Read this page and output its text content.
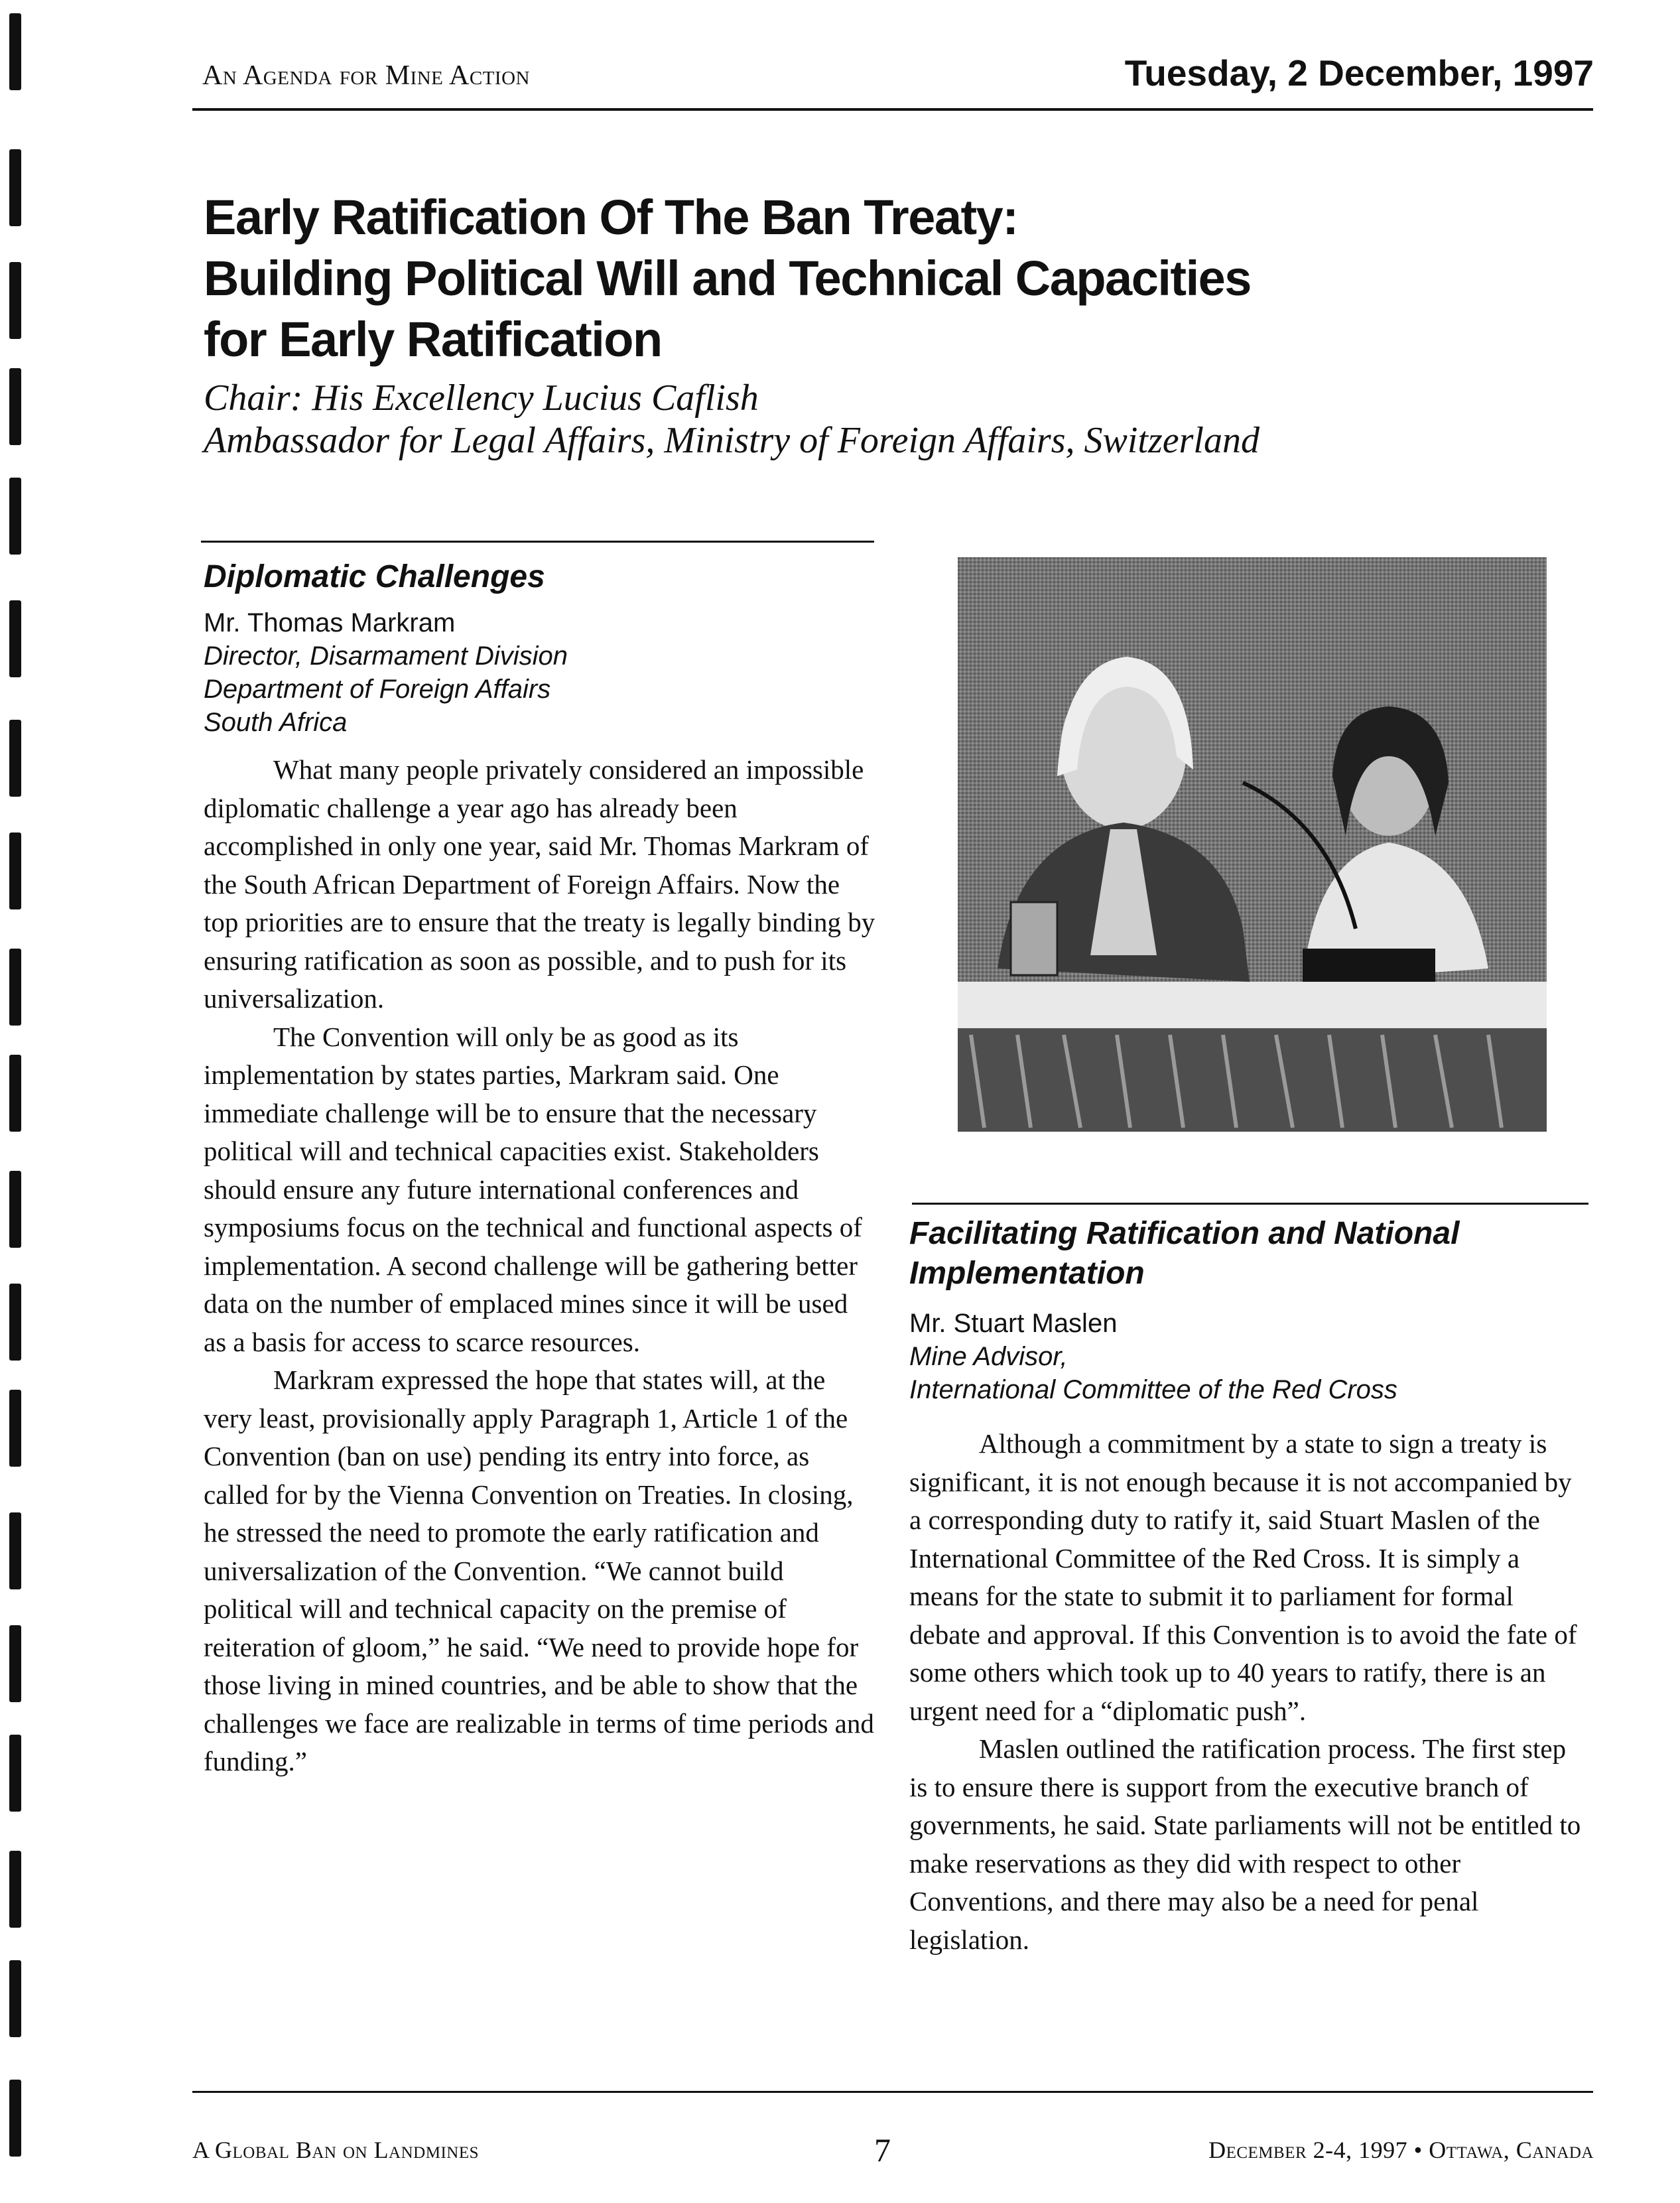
An Agenda for Mine Action	Tuesday, 2 December, 1997
Early Ratification Of The Ban Treaty:
Building Political Will and Technical Capacities
for Early Ratification
Chair: His Excellency Lucius Caflish
Ambassador for Legal Affairs, Ministry of Foreign Affairs, Switzerland
Diplomatic Challenges
Mr. Thomas Markram
Director, Disarmament Division
Department of Foreign Affairs
South Africa

What many people privately considered an impossible diplomatic challenge a year ago has already been accomplished in only one year, said Mr. Thomas Markram of the South African Department of Foreign Affairs. Now the top priorities are to ensure that the treaty is legally binding by ensuring ratification as soon as possible, and to push for its universalization.

The Convention will only be as good as its implementation by states parties, Markram said. One immediate challenge will be to ensure that the necessary political will and technical capacities exist. Stakeholders should ensure any future international conferences and symposiums focus on the technical and functional aspects of implementation. A second challenge will be gathering better data on the number of emplaced mines since it will be used as a basis for access to scarce resources.

Markram expressed the hope that states will, at the very least, provisionally apply Paragraph 1, Article 1 of the Convention (ban on use) pending its entry into force, as called for by the Vienna Convention on Treaties. In closing, he stressed the need to promote the early ratification and universalization of the Convention. “We cannot build political will and technical capacity on the premise of reiteration of gloom,” he said. “We need to provide hope for those living in mined countries, and be able to show that the challenges we face are realizable in terms of time periods and funding.”

Facilitating Ratification and National Implementation
Mr. Stuart Maslen
Mine Advisor,
International Committee of the Red Cross

Although a commitment by a state to sign a treaty is significant, it is not enough because it is not accompanied by a corresponding duty to ratify it, said Stuart Maslen of the International Committee of the Red Cross. It is simply a means for the state to submit it to parliament for formal debate and approval. If this Convention is to avoid the fate of some others which took up to 40 years to ratify, there is an urgent need for a “diplomatic push”.

Maslen outlined the ratification process. The first step is to ensure there is support from the executive branch of governments, he said. State parliaments will not be entitled to make reservations as they did with respect to other Conventions, and there may also be a need for penal legislation.

A Global Ban on Landmines	7	December 2-4, 1997 • Ottawa, Canada
